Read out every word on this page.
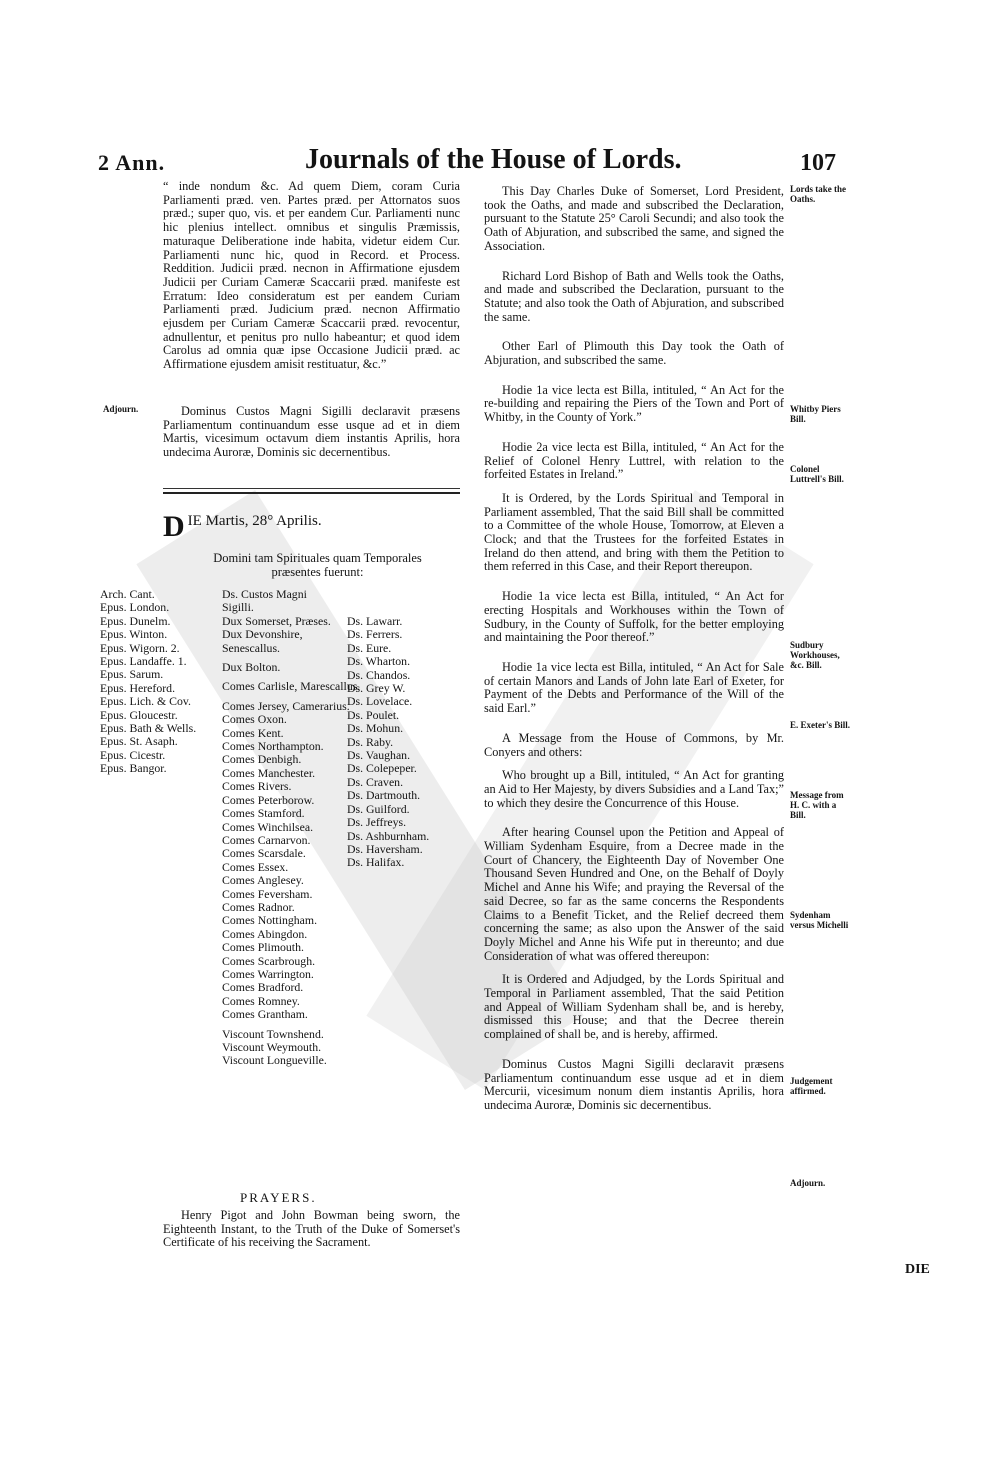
2 Ann.	Journals of the House of Lords.	107
“ inde nondum &c. Ad quem Diem, coram Curia Parliamenti præd. ven. Partes præd. per Attornatos suos præd.; super quo, vis. et per eandem Cur. Parliamenti nunc hic plenius intellect. omnibus et singulis Præmissis, maturaque Deliberatione inde habita, videtur eidem Cur. Parliamenti nunc hic, quod in Record. et Process. Reddition. Judicii præd. necnon in Affirmatione ejusdem Judicii per Curiam Cameræ Scaccarii præd. manifeste est Erratum: Ideo consideratum est per eandem Curiam Parliamenti præd. Judicium præd. necnon Affirmatio ejusdem per Curiam Cameræ Scaccarii præd. revocentur, adnullentur, et penitus pro nullo habeantur; et quod idem Carolus ad omnia quæ ipse Occasione Judicii præd. ac Affirmatione ejusdem amisit restituatur, &c.”
Adjourn.	Dominus Custos Magni Sigilli declaravit præsens Parliamentum continuandum esse usque ad et in diem Martis, vicesimum octavum diem instantis Aprilis, hora undecima Auroræ, Dominis sic decernentibus.
DIE Martis, 28° Aprilis.
Domini tam Spirituales quam Temporales præsentes fuerunt:
Arch. Cant.
Epus. London.
Epus. Dunelm.
Epus. Winton.
Epus. Wigorn. 2.
Epus. Landaffe. 1.
Epus. Sarum.
Epus. Hereford.
Epus. Lich. & Cov.
Epus. Gloucestr.
Epus. Bath & Wells.
Epus. St. Asaph.
Epus. Cicestr.
Epus. Bangor.
Ds. Custos Magni
Sigilli.
Dux Somerset, Præses.
Dux Devonshire,
Senescallus.

Dux Bolton.

Comes Carlisle, Marescallus.

Comes Jersey, Camerarius.
Comes Oxon.
Comes Kent.
Comes Northampton.
Comes Denbigh.
Comes Manchester.
Comes Rivers.
Comes Peterborow.
Comes Stamford.
Comes Winchilsea.
Comes Carnarvon.
Comes Scarsdale.
Comes Essex.
Comes Anglesey.
Comes Feversham.
Comes Radnor.
Comes Nottingham.
Comes Abingdon.
Comes Plimouth.
Comes Scarbrough.
Comes Warrington.
Comes Bradford.
Comes Romney.
Comes Grantham.

Viscount Townshend.
Viscount Weymouth.
Viscount Longueville.
Ds. Lawarr.
Ds. Ferrers.
Ds. Eure.
Ds. Wharton.
Ds. Chandos.
Ds. Grey W.
Ds. Lovelace.
Ds. Poulet.
Ds. Mohun.
Ds. Raby.
Ds. Vaughan.
Ds. Colepeper.
Ds. Craven.
Ds. Dartmouth.
Ds. Guilford.
Ds. Jeffreys.
Ds. Ashburnham.
Ds. Haversham.
Ds. Halifax.
PRAYERS.
Henry Pigot and John Bowman being sworn, the Eighteenth Instant, to the Truth of the Duke of Somerset's Certificate of his receiving the Sacrament.

This Day Charles Duke of Somerset, Lord President, took the Oaths, and made and subscribed the Declaration, pursuant to the Statute 25° Caroli Secundi; and also took the Oath of Abjuration, and subscribed the same, and signed the Association.

Richard Lord Bishop of Bath and Wells took the Oaths, and made and subscribed the Declaration, pursuant to the Statute; and also took the Oath of Abjuration, and subscribed the same.

Other Earl of Plimouth this Day took the Oath of Abjuration, and subscribed the same.

Hodie 1a vice lecta est Billa, intituled, “ An Act for the re-building and repairing the Piers of the Town and Port of Whitby, in the County of York.”

Hodie 2a vice lecta est Billa, intituled, “ An Act for the Relief of Colonel Henry Luttrel, with relation to the forfeited Estates in Ireland.”

It is Ordered, by the Lords Spiritual and Temporal in Parliament assembled, That the said Bill shall be committed to a Committee of the whole House, Tomorrow, at Eleven a Clock; and that the Trustees for the forfeited Estates in Ireland do then attend, and bring with them the Petition to them referred in this Case, and their Report thereupon.

Hodie 1a vice lecta est Billa, intituled, “ An Act for erecting Hospitals and Workhouses within the Town of Sudbury, in the County of Suffolk, for the better employing and maintaining the Poor thereof.”

Hodie 1a vice lecta est Billa, intituled, “ An Act for Sale of certain Manors and Lands of John late Earl of Exeter, for Payment of the Debts and Performance of the Will of the said Earl.”

A Message from the House of Commons, by Mr. Conyers and others:

Who brought up a Bill, intituled, “ An Act for granting an Aid to Her Majesty, by divers Subsidies and a Land Tax;” to which they desire the Concurrence of this House.

After hearing Counsel upon the Petition and Appeal of William Sydenham Esquire, from a Decree made in the Court of Chancery, the Eighteenth Day of November One Thousand Seven Hundred and One, on the Behalf of Doyly Michel and Anne his Wife; and praying the Reversal of the said Decree, so far as the same concerns the Respondents Claims to a Benefit Ticket, and the Relief decreed them concerning the same; as also upon the Answer of the said Doyly Michel and Anne his Wife put in thereunto; and due Consideration of what was offered thereupon:

It is Ordered and Adjudged, by the Lords Spiritual and Temporal in Parliament assembled, That the said Petition and Appeal of William Sydenham shall be, and is hereby, dismissed this House; and that the Decree therein complained of shall be, and is hereby, affirmed.

Dominus Custos Magni Sigilli declaravit præsens Parliamentum continuandum esse usque ad et in diem Mercurii, vicesimum nonum diem instantis Aprilis, hora undecima Auroræ, Dominis sic decernentibus.

Lords take the Oaths.
Whitby Piers Bill.
Colonel Luttrell's Bill.
Sudbury Workhouses, &c. Bill.
E. Exeter's Bill.
Message from H. C. with a Bill.
Sydenham versus Michelli
Judgement affirmed.
Adjourn.
DIE
